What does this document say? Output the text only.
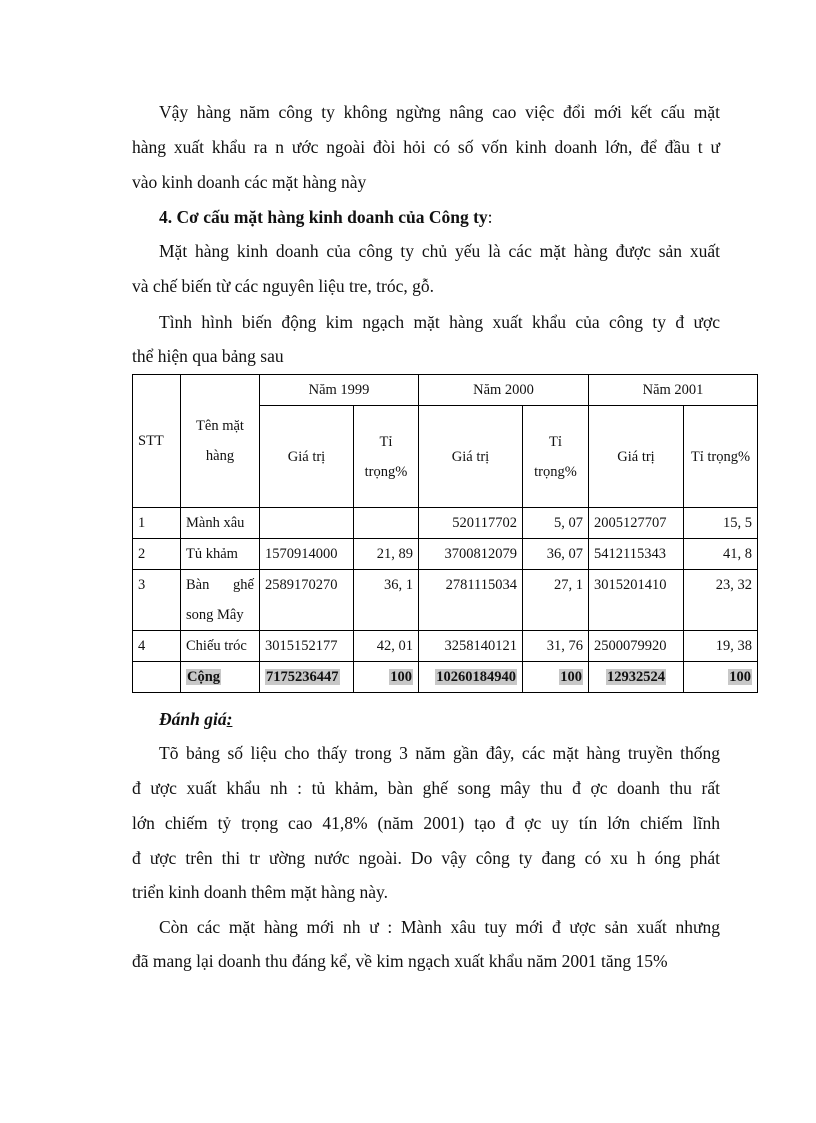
Vậy hàng năm công ty không ngừng nâng cao việc đổi mới kết cấu mặt
hàng xuất khẩu ra n ước ngoài đòi hỏi có số vốn kinh doanh lớn, để đầu t ư
vào kinh doanh các mặt hàng này
4. Cơ cấu mặt hàng kinh doanh của Công ty:
Mặt hàng kinh doanh của công ty chủ yếu là các mặt hàng được sản xuất
và chế biến từ các nguyên liệu tre, tróc, gỗ.
Tình hình biến động kim ngạch mặt hàng xuất khẩu của công ty đ ược
thể hiện qua bảng sau
STT	Tên mặt hàng	Năm 1999		Năm 2000		Năm 2001	
		Giá trị	Tỉ trọng%	Giá trị	Tỉ trọng%	Giá trị	Tỉ trọng%
1	Mành xâu			520117702	5, 07	2005127707	15, 5
2	Tủ khảm	1570914000	21, 89	3700812079	36, 07	5412115343	41, 8
3	Bàn ghế song Mây	2589170270	36, 1	2781115034	27, 1	3015201410	23, 32
4	Chiếu tróc	3015152177	42, 01	3258140121	31, 76	2500079920	19, 38
	Cộng	7175236447	100	10260184940	100	12932524	100
Đánh giá:
Tõ bảng số liệu cho thấy trong 3 năm gần đây, các mặt hàng truyền thống
đ ược xuất khẩu nh : tủ khảm, bàn ghế song mây thu đ ợc doanh thu rất
lớn chiếm tỷ trọng cao 41,8% (năm 2001) tạo đ ợc uy tín lớn chiếm lĩnh
đ ược trên thi tr ường nước ngoài. Do vậy công ty đang có xu h óng phát
triển kinh doanh thêm mặt hàng này.
Còn các mặt hàng mới nh ư : Mành xâu tuy mới đ ược sản xuất nhưng
đã mang lại doanh thu đáng kể, về kim ngạch xuất khẩu năm 2001 tăng 15%
